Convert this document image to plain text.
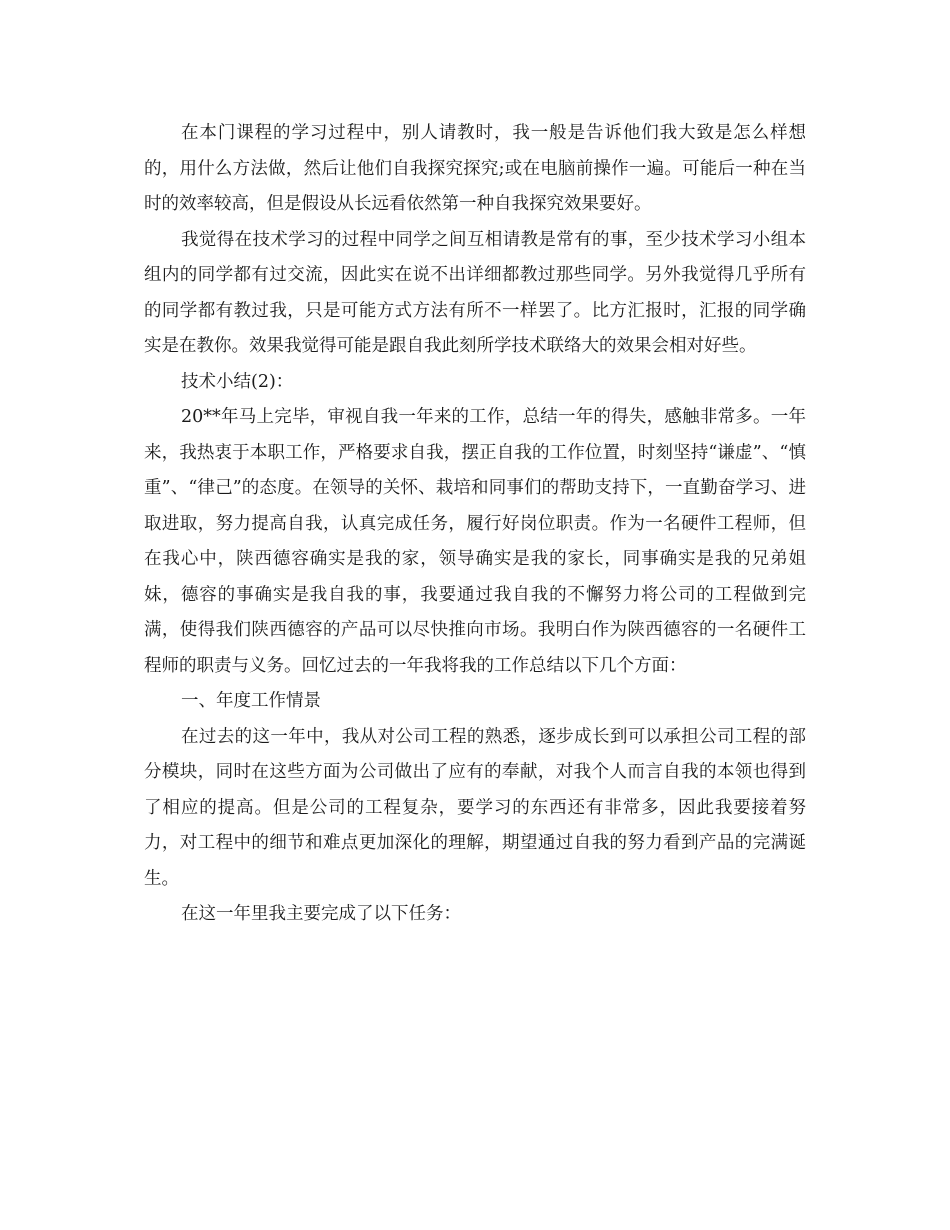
在本门课程的学习过程中，别人请教时，我一般是告诉他们我大致是怎么样想的，用什么方法做，然后让他们自我探究探究;或在电脑前操作一遍。可能后一种在当时的效率较高，但是假设从长远看依然第一种自我探究效果要好。

我觉得在技术学习的过程中同学之间互相请教是常有的事，至少技术学习小组本组内的同学都有过交流，因此实在说不出详细都教过那些同学。另外我觉得几乎所有的同学都有教过我，只是可能方式方法有所不一样罢了。比方汇报时，汇报的同学确实是在教你。效果我觉得可能是跟自我此刻所学技术联络大的效果会相对好些。

技术小结(2)：

20**年马上完毕，审视自我一年来的工作，总结一年的得失，感触非常多。一年来，我热衷于本职工作，严格要求自我，摆正自我的工作位置，时刻坚持“谦虚”、“慎重”、“律己”的态度。在领导的关怀、栽培和同事们的帮助支持下，一直勤奋学习、进取进取，努力提高自我，认真完成任务，履行好岗位职责。作为一名硬件工程师，但在我心中，陕西德容确实是我的家，领导确实是我的家长，同事确实是我的兄弟姐妹，德容的事确实是我自我的事，我要通过我自我的不懈努力将公司的工程做到完满，使得我们陕西德容的产品可以尽快推向市场。我明白作为陕西德容的一名硬件工程师的职责与义务。回忆过去的一年我将我的工作总结以下几个方面：

一、年度工作情景

在过去的这一年中，我从对公司工程的熟悉，逐步成长到可以承担公司工程的部分模块，同时在这些方面为公司做出了应有的奉献，对我个人而言自我的本领也得到了相应的提高。但是公司的工程复杂，要学习的东西还有非常多，因此我要接着努力，对工程中的细节和难点更加深化的理解，期望通过自我的努力看到产品的完满诞生。

在这一年里我主要完成了以下任务：
